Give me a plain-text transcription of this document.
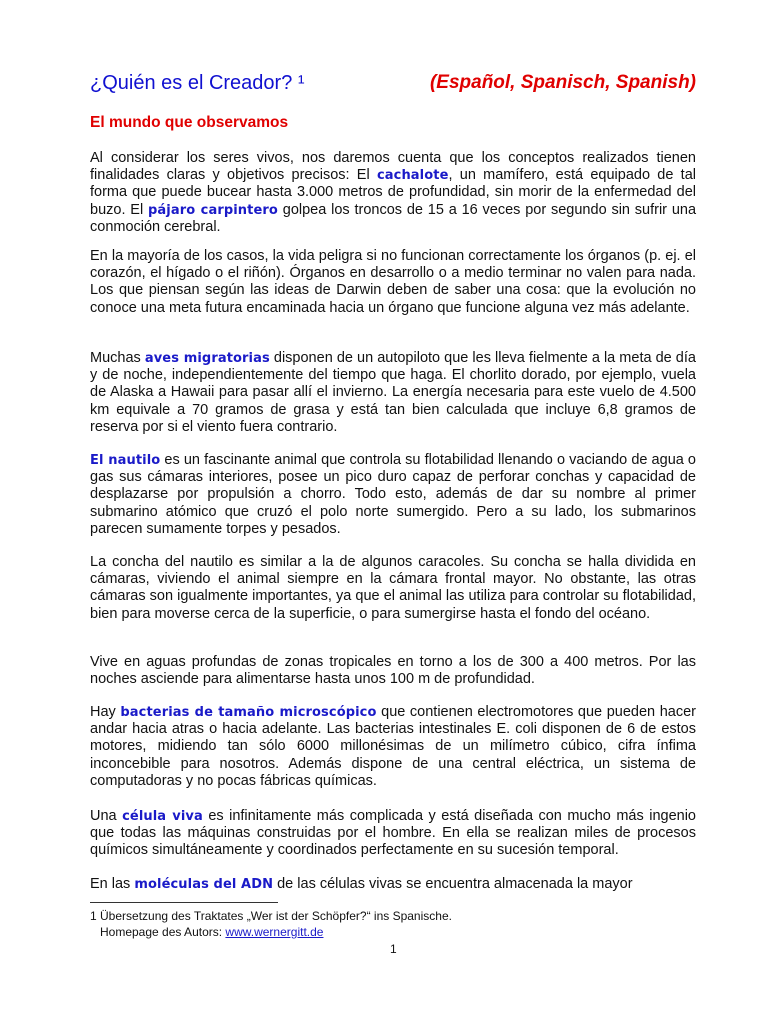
¿Quién es el Creador? ¹	(Español, Spanisch, Spanish)
El mundo que observamos
Al considerar los seres vivos, nos daremos cuenta que los conceptos realizados tienen finalidades claras y objetivos precisos: El cachalote, un mamífero, está equipado de tal forma que puede bucear hasta 3.000 metros de profundidad, sin morir de la enfermedad del buzo. El pájaro carpintero golpea los troncos de 15 a 16 veces por segundo sin sufrir una conmoción cerebral.
En la mayoría de los casos, la vida peligra si no funcionan correctamente los órganos (p. ej. el corazón, el hígado o el riñón). Órganos en desarrollo o a medio terminar no valen para nada. Los que piensan según las ideas de Darwin deben de saber una cosa: que la evolución no conoce una meta futura encaminada hacia un órgano que funcione alguna vez más adelante.
Muchas aves migratorias disponen de un autopiloto que les lleva fielmente a la meta de día y de noche, independientemente del tiempo que haga. El chorlito dorado, por ejemplo, vuela de Alaska a Hawaii para pasar allí el invierno. La energía necesaria para este vuelo de 4.500 km equivale a 70 gramos de grasa y está tan bien calculada que incluye 6,8 gramos de reserva por si el viento fuera contrario.
El nautilo es un fascinante animal que controla su flotabilidad llenando o vaciando de agua o gas sus cámaras interiores, posee un pico duro capaz de perforar conchas y capacidad de desplazarse por propulsión a chorro. Todo esto, además de dar su nombre al primer submarino atómico que cruzó el polo norte sumergido. Pero a su lado, los submarinos parecen sumamente torpes y pesados.
La concha del nautilo es similar a la de algunos caracoles. Su concha se halla dividida en cámaras, viviendo el animal siempre en la cámara frontal mayor. No obstante, las otras cámaras son igualmente importantes, ya que el animal las utiliza para controlar su flotabilidad, bien para moverse cerca de la superficie, o para sumergirse hasta el fondo del océano.
Vive en aguas profundas de zonas tropicales en torno a los de 300 a 400 metros. Por las noches asciende para alimentarse hasta unos 100 m de profundidad.
Hay bacterias de tamaño microscópico que contienen electromotores que pueden hacer andar hacia atras o hacia adelante. Las bacterias intestinales E. coli disponen de 6 de estos motores, midiendo tan sólo 6000 millonésimas de un milímetro cúbico, cifra ínfima inconcebible para nosotros. Además dispone de una central eléctrica, un sistema de computadoras y no pocas fábricas químicas.
Una célula viva es infinitamente más complicada y está diseñada con mucho más ingenio que todas las máquinas construidas por el hombre. En ella se realizan miles de procesos químicos simultáneamente y coordinados perfectamente en su sucesión temporal.
En las moléculas del ADN de las células vivas se encuentra almacenada la mayor
1 Übersetzung des Traktates „Wer ist der Schöpfer?“ ins Spanische.
Homepage des Autors: www.wernergitt.de
1
